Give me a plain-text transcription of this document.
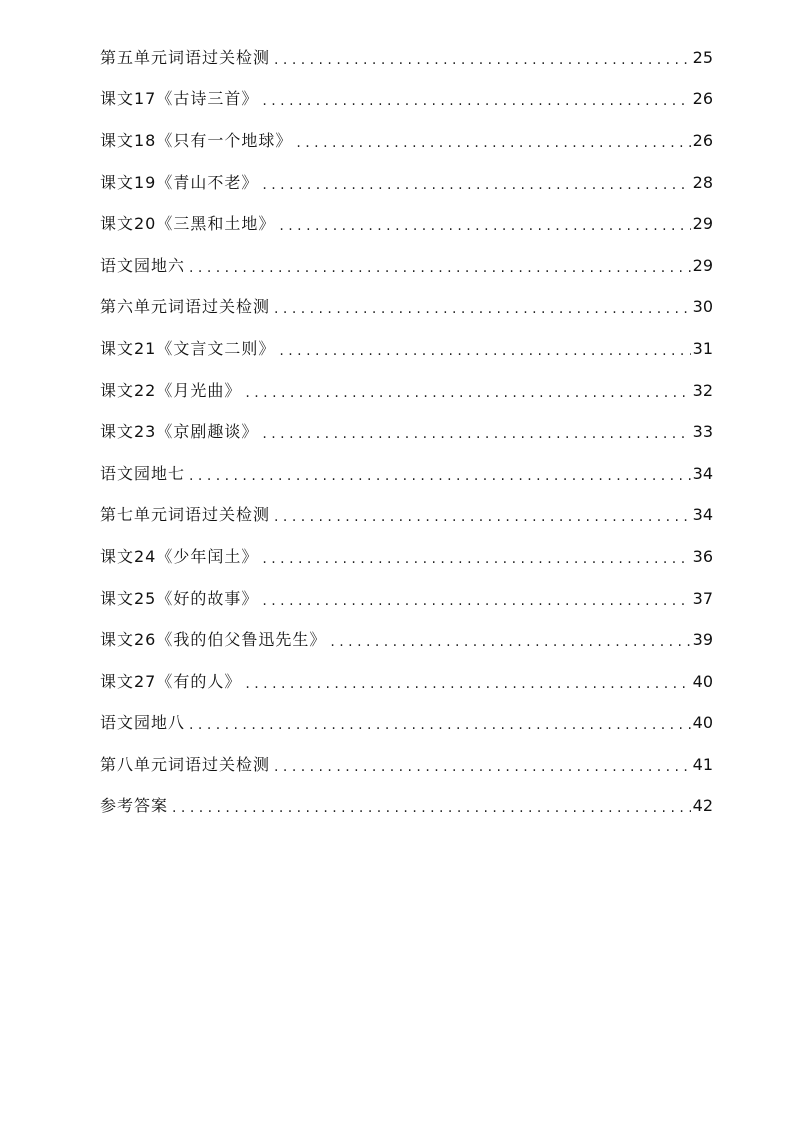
第五单元词语过关检测 . . .	25
课文17《古诗三首》 . . .	26
课文18《只有一个地球》 . . .	26
课文19《青山不老》 . . .	28
课文20《三黑和土地》 . . .	29
语文园地六 . . .	29
第六单元词语过关检测 . . .	30
课文21《文言文二则》 . . .	31
课文22《月光曲》 . . .	32
课文23《京剧趣谈》 . . .	33
语文园地七 . . .	34
第七单元词语过关检测 . . .	34
课文24《少年闰土》 . . .	36
课文25《好的故事》 . . .	37
课文26《我的伯父鲁迅先生》 . . .	39
课文27《有的人》 . . .	40
语文园地八 . . .	40
第八单元词语过关检测 . . .	41
参考答案 . . .	42
